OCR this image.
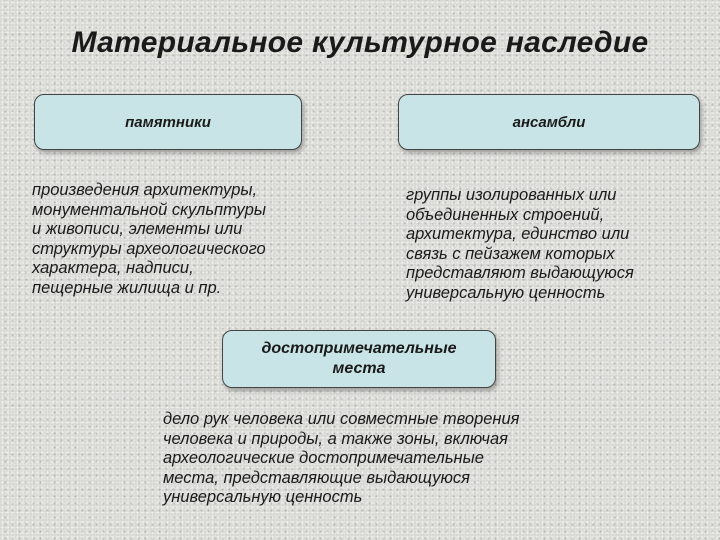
Материальное культурное наследие
памятники

произведения архитектуры,
монументальной скульптуры
и живописи, элементы или
структуры археологического
характера, надписи,
пещерные жилища и пр.

ансамбли

группы изолированных или
объединенных строений,
архитектура, единство или
связь с пейзажем которых
представляют выдающуюся
универсальную ценность

достопримечательные
места

дело рук человека или совместные творения
человека и природы, а также зоны, включая
археологические достопримечательные
места, представляющие выдающуюся
универсальную ценность
